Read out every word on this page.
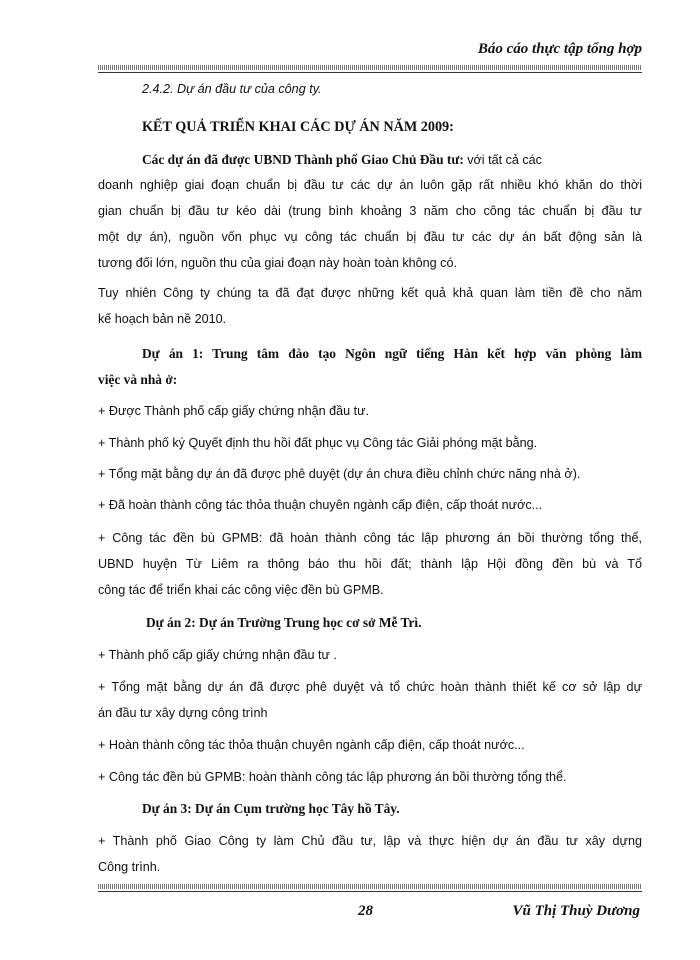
Báo cáo thực tập tổng hợp
2.4.2. Dự án đầu tư của công ty.
KẾT QUẢ TRIỂN KHAI CÁC DỰ ÁN NĂM 2009:
Các dự án đã được UBND Thành phố Giao Chủ Đầu tư: với tất cả các
doanh nghiệp giai đoạn chuẩn bị đầu tư các dự án luôn gặp rất nhiều khó khăn do thời
gian chuẩn bị đầu tư kéo dài (trung bình khoảng 3 năm cho công tác chuẩn bị đầu tư
một dự án), nguồn vốn phục vụ công tác chuẩn bị đầu tư các dự án bất động sản là
tương đối lớn, nguồn thu của giai đoạn này hoàn toàn không có.
Tuy nhiên Công ty chúng ta đã đạt được những kết quả khả quan làm tiền đề cho năm
kế hoạch bản nề 2010.
Dự án 1: Trung tâm đào tạo Ngôn ngữ tiếng Hàn kết hợp văn phòng làm
việc và nhà ở:
+ Được Thành phố cấp giấy chứng nhận đầu tư.
+ Thành phố ký Quyết định thu hồi đất phục vụ Công tác Giải phóng mặt bằng.
+ Tổng mặt bằng dự án đã được phê duyệt (dự án chưa điều chỉnh chức năng nhà ở).
+ Đã hoàn thành công tác thỏa thuận chuyên ngành cấp điện, cấp thoát nước...
+ Công tác đền bù GPMB: đã hoàn thành công tác lập phương án bồi thường tổng thể,
UBND huyện Từ Liêm ra thông báo thu hồi đất; thành lập Hội đồng đền bù và Tổ
công tác để triển khai các công việc đền bù GPMB.
Dự án 2: Dự án Trường Trung học cơ sở Mễ Trì.
+ Thành phố cấp giấy chứng nhận đầu tư .
+ Tổng mặt bằng dự án đã được phê duyệt và tổ chức hoàn thành thiết kế cơ sở lập dự
án đầu tư xây dựng công trình
+ Hoàn thành công tác thỏa thuận chuyên ngành cấp điện, cấp thoát nước...
+ Công tác đền bù GPMB: hoàn thành công tác lập phương án bồi thường tổng thể.
Dự án 3: Dự án Cụm trường học Tây hồ Tây.
+ Thành phố Giao Công ty làm Chủ đầu tư, lập và thực hiện dự án đầu tư xây dựng
Công trình.
28	Vũ Thị Thuỳ Dương
